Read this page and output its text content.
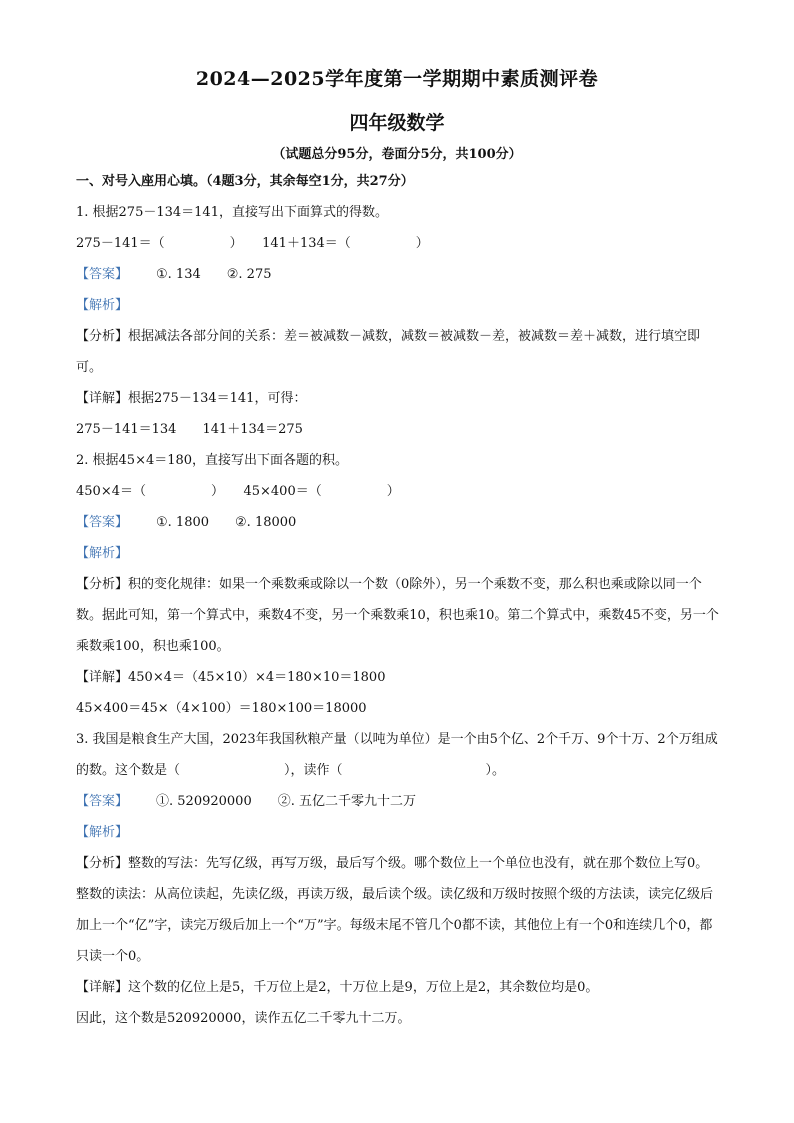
2024—2025学年度第一学期期中素质测评卷
四年级数学
（试题总分95分，卷面分5分，共100分）
一、对号入座用心填。（4题3分，其余每空1分，共27分）
1. 根据275－134＝141，直接写出下面算式的得数。
275－141＝（　　　　　）　　141＋134＝（　　　　　）
【答案】 ①. 134　　②. 275
【解析】
【分析】根据减法各部分间的关系：差＝被减数－减数，减数＝被减数－差，被减数＝差＋减数，进行填空即可。
【详解】根据275－134＝141，可得：
275－141＝134　　141＋134＝275
2. 根据45×4＝180，直接写出下面各题的积。
450×4＝（　　　　　）　　45×400＝（　　　　　）
【答案】 ①. 1800　　②. 18000
【解析】
【分析】积的变化规律：如果一个乘数乘或除以一个数（0除外），另一个乘数不变，那么积也乘或除以同一个数。据此可知，第一个算式中，乘数4不变，另一个乘数乘10，积也乘10。第二个算式中，乘数45不变，另一个乘数乘100，积也乘100。
【详解】450×4＝（45×10）×4＝180×10＝1800
45×400＝45×（4×100）＝180×100＝18000
3. 我国是粮食生产大国，2023年我国秋粮产量（以吨为单位）是一个由5个亿、2个千万、9个十万、2个万组成的数。这个数是（　　　　　　　　），读作（　　　　　　　　　　　）。
【答案】 ①. 520920000　　②. 五亿二千零九十二万
【解析】
【分析】整数的写法：先写亿级，再写万级，最后写个级。哪个数位上一个单位也没有，就在那个数位上写0。
整数的读法：从高位读起，先读亿级，再读万级，最后读个级。读亿级和万级时按照个级的方法读，读完亿级后加上一个“亿”字，读完万级后加上一个“万”字。每级末尾不管几个0都不读，其他位上有一个0和连续几个0，都只读一个0。
【详解】这个数的亿位上是5，千万位上是2，十万位上是9，万位上是2，其余数位均是0。
因此，这个数是520920000，读作五亿二千零九十二万。
